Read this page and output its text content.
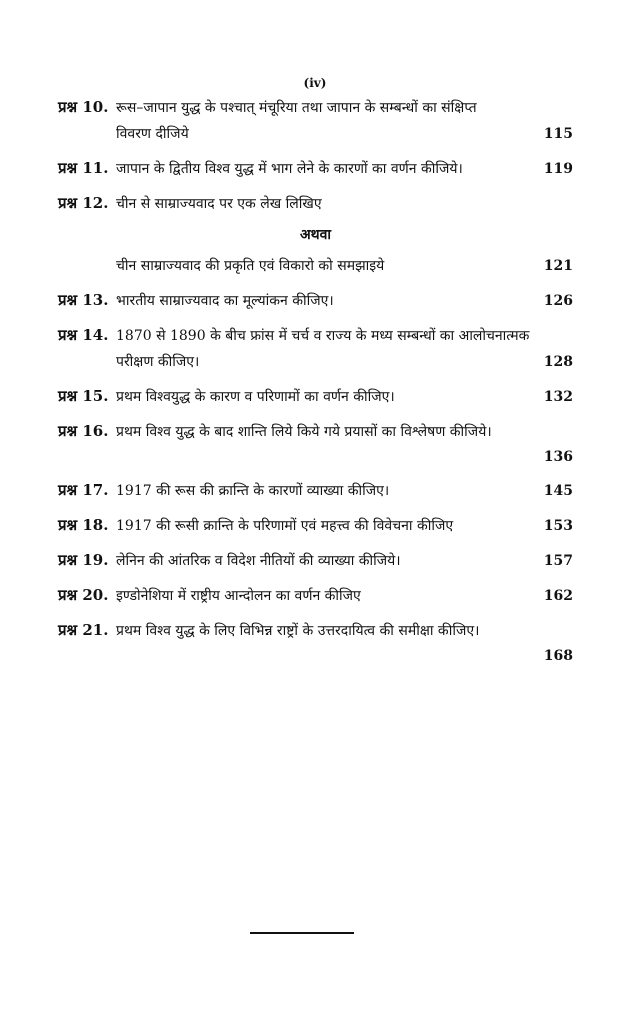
(iv)
प्रश्न 10. रूस–जापान युद्ध के पश्चात् मंचूरिया तथा जापान के सम्बन्धों का संक्षिप्त
विवरण दीजिये	115
प्रश्न 11. जापान के द्वितीय विश्व युद्ध में भाग लेने के कारणों का वर्णन कीजिये।	119
प्रश्न 12. चीन से साम्राज्यवाद पर एक लेख लिखिए
अथवा
चीन साम्राज्यवाद की प्रकृति एवं विकारो को समझाइये	121
प्रश्न 13. भारतीय साम्राज्यवाद का मूल्यांकन कीजिए।	126
प्रश्न 14. 1870 से 1890 के बीच फ्रांस में चर्च व राज्य के मध्य सम्बन्धों का आलोचनात्मक
परीक्षण कीजिए।	128
प्रश्न 15. प्रथम विश्वयुद्ध के कारण व परिणामों का वर्णन कीजिए।	132
प्रश्न 16. प्रथम विश्व युद्ध के बाद शान्ति लिये किये गये प्रयासों का विश्लेषण कीजिये।
136
प्रश्न 17. 1917 की रूस की क्रान्ति के कारणों व्याख्या कीजिए।	145
प्रश्न 18. 1917 की रूसी क्रान्ति के परिणामों एवं महत्त्व की विवेचना कीजिए	153
प्रश्न 19. लेनिन की आंतरिक व विदेश नीतियों की व्याख्या कीजिये।	157
प्रश्न 20. इण्डोनेशिया में राष्ट्रीय आन्दोलन का वर्णन कीजिए	162
प्रश्न 21. प्रथम विश्व युद्ध के लिए विभिन्न राष्ट्रों के उत्तरदायित्व की समीक्षा कीजिए।
168
